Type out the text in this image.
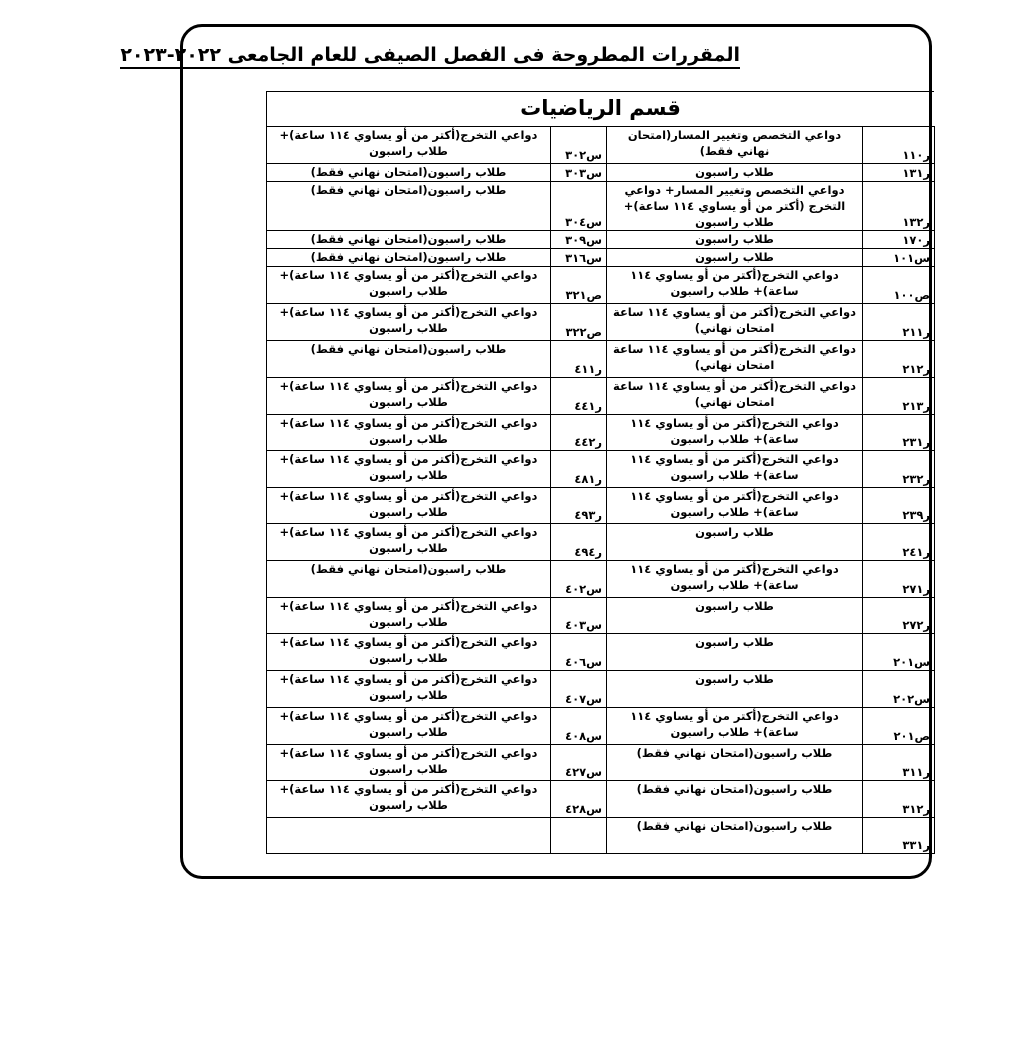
المقررات المطروحة فى الفصل الصيفى للعام الجامعى ٢٠٢٢-٢٠٢٣
قسم الرياضيات
ر١١٠	دواعي التخصص وتغيير المسار(امتحان نهاني فقط)	س٣٠٢	دواعي التخرج(أكتر من أو يساوي ١١٤ ساعة)+ طلاب راسبون
ر١٣١	طلاب راسبون	س٣٠٣	طلاب راسبون(امتحان نهاني فقط)
ر١٣٢	دواعي التخصص وتغيير المسار+ دواعي التخرج (أكتر من أو يساوي ١١٤ ساعة)+ طلاب راسبون	س٣٠٤	طلاب راسبون(امتحان نهاني فقط)
ر١٧٠	طلاب راسبون	س٣٠٩	طلاب راسبون(امتحان نهاني فقط)
س١٠١	طلاب راسبون	س٣١٦	طلاب راسبون(امتحان نهاني فقط)
ص١٠٠	دواعي التخرج(أكتر من أو يساوي ١١٤ ساعة)+ طلاب راسبون	ص٣٢١	دواعي التخرج(أكتر من أو يساوي ١١٤ ساعة)+ طلاب راسبون
ر٢١١	دواعي التخرج(أكتر من أو يساوي ١١٤ ساعة امتحان نهاني)	ص٣٢٢	دواعي التخرج(أكتر من أو يساوي ١١٤ ساعة)+ طلاب راسبون
ر٢١٢	دواعي التخرج(أكتر من أو يساوي ١١٤ ساعة امتحان نهاني)	ر٤١١	طلاب راسبون(امتحان نهاني فقط)
ر٢١٣	دواعي التخرج(أكتر من أو يساوي ١١٤ ساعة امتحان نهاني)	ر٤٤١	دواعي التخرج(أكتر من أو يساوي ١١٤ ساعة)+ طلاب راسبون
ر٢٣١	دواعي التخرج(أكتر من أو يساوي ١١٤ ساعة)+ طلاب راسبون	ر٤٤٢	دواعي التخرج(أكتر من أو يساوي ١١٤ ساعة)+ طلاب راسبون
ر٢٣٢	دواعي التخرج(أكتر من أو يساوي ١١٤ ساعة)+ طلاب راسبون	ر٤٨١	دواعي التخرج(أكتر من أو يساوي ١١٤ ساعة)+ طلاب راسبون
ر٢٣٩	دواعي التخرج(أكتر من أو يساوي ١١٤ ساعة)+ طلاب راسبون	ر٤٩٣	دواعي التخرج(أكتر من أو يساوي ١١٤ ساعة)+ طلاب راسبون
ر٢٤١	طلاب راسبون	ر٤٩٤	دواعي التخرج(أكتر من أو يساوي ١١٤ ساعة)+ طلاب راسبون
ر٢٧١	دواعي التخرج(أكتر من أو يساوي ١١٤ ساعة)+ طلاب راسبون	س٤٠٢	طلاب راسبون(امتحان نهاني فقط)
ر٢٧٢	طلاب راسبون	س٤٠٣	دواعي التخرج(أكتر من أو يساوي ١١٤ ساعة)+ طلاب راسبون
س٢٠١	طلاب راسبون	س٤٠٦	دواعي التخرج(أكتر من أو يساوي ١١٤ ساعة)+ طلاب راسبون
س٢٠٢	طلاب راسبون	س٤٠٧	دواعي التخرج(أكتر من أو يساوي ١١٤ ساعة)+ طلاب راسبون
ص٢٠١	دواعي التخرج(أكتر من أو يساوي ١١٤ ساعة)+ طلاب راسبون	س٤٠٨	دواعي التخرج(أكتر من أو يساوي ١١٤ ساعة)+ طلاب راسبون
ر٣١١	طلاب راسبون(امتحان نهاني فقط)	س٤٢٧	دواعي التخرج(أكتر من أو يساوي ١١٤ ساعة)+ طلاب راسبون
ر٣١٢	طلاب راسبون(امتحان نهاني فقط)	س٤٢٨	دواعي التخرج(أكتر من أو يساوي ١١٤ ساعة)+ طلاب راسبون
ر٣٣١	طلاب راسبون(امتحان نهاني فقط)		
